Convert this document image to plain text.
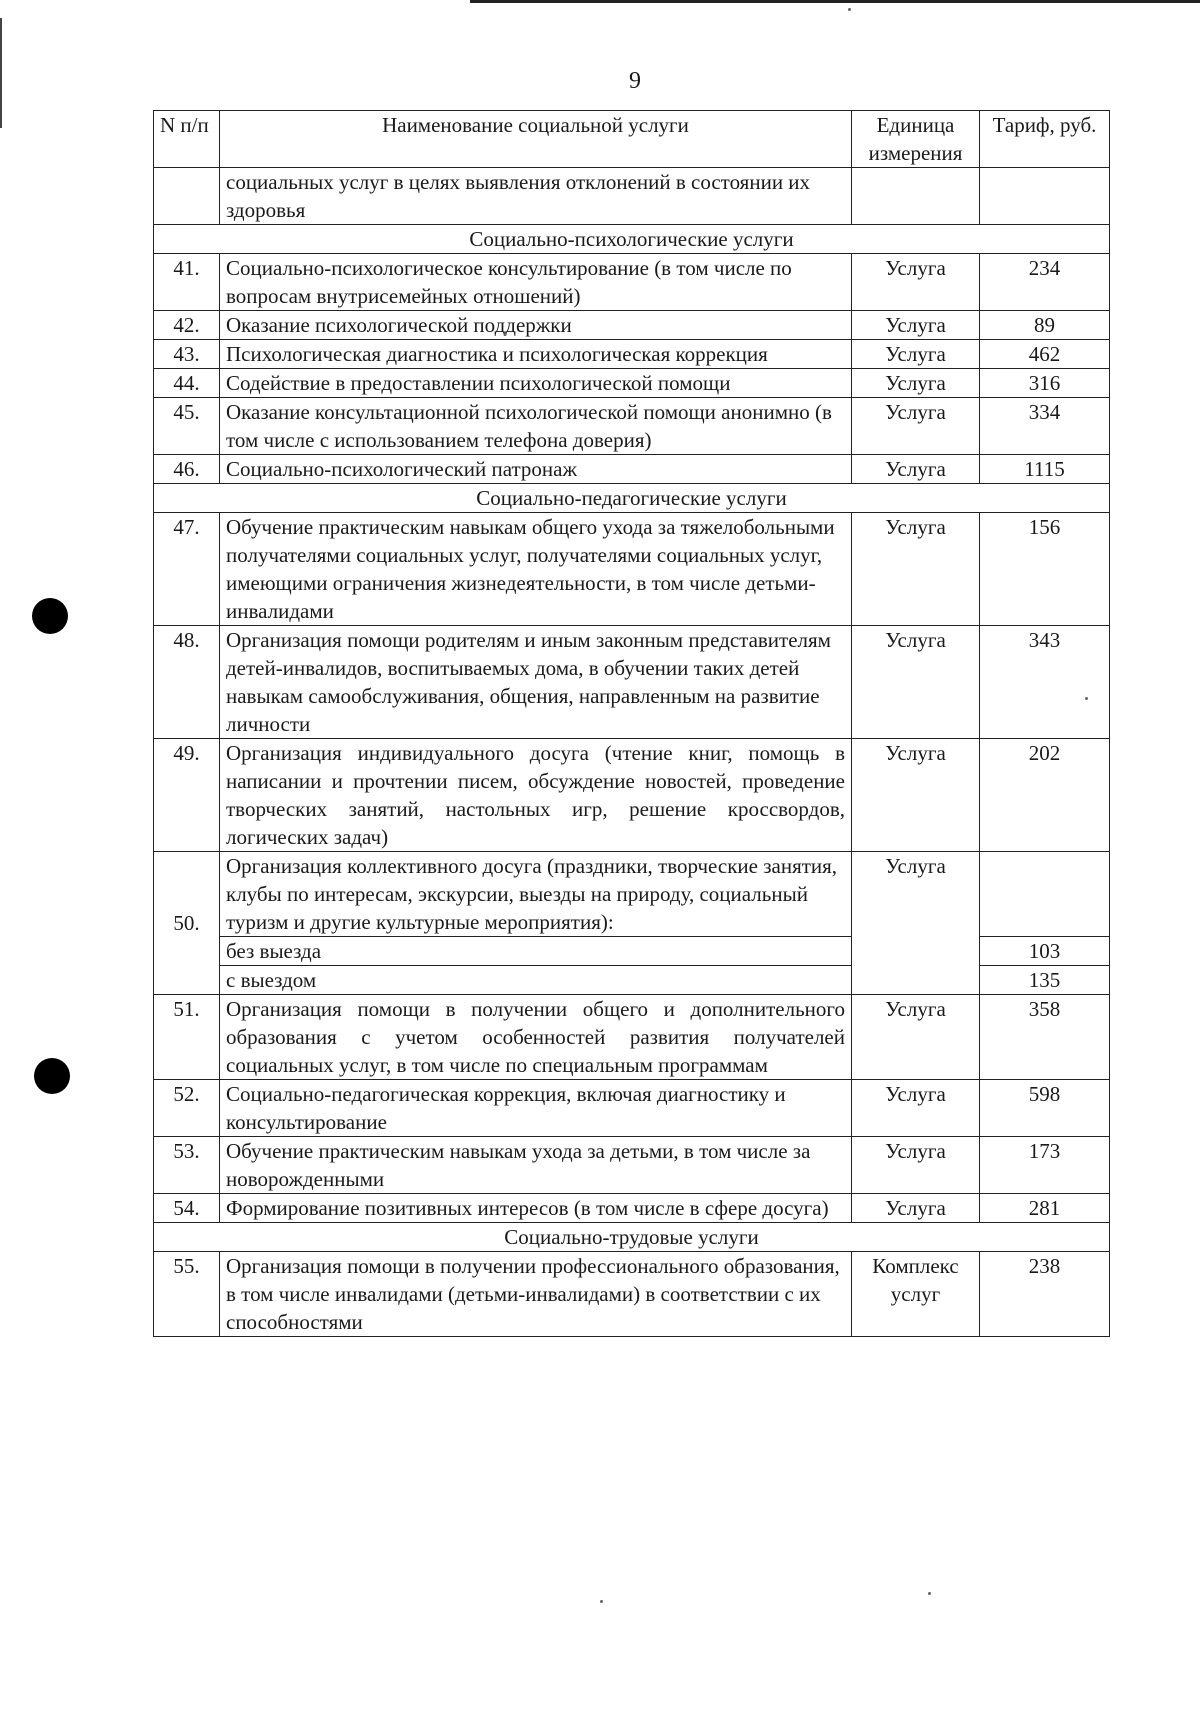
9
N п/п	Наименование социальной услуги	Единица измерения	Тариф, руб.
	социальных услуг в целях выявления отклонений в состоянии их здоровья		
Социально-психологические услуги			
41.	Социально-психологическое консультирование (в том числе по вопросам внутрисемейных отношений)	Услуга	234
42.	Оказание психологической поддержки	Услуга	89
43.	Психологическая диагностика и психологическая коррекция	Услуга	462
44.	Содействие в предоставлении психологической помощи	Услуга	316
45.	Оказание консультационной психологической помощи анонимно (в том числе с использованием телефона доверия)	Услуга	334
46.	Социально-психологический патронаж	Услуга	1115
Социально-педагогические услуги			
47.	Обучение практическим навыкам общего ухода за тяжелобольными получателями социальных услуг, получателями социальных услуг, имеющими ограничения жизнедеятельности, в том числе детьми-инвалидами	Услуга	156
48.	Организация помощи родителям и иным законным представителям детей-инвалидов, воспитываемых дома, в обучении таких детей навыкам самообслуживания, общения, направленным на развитие личности	Услуга	343
49.	Организация индивидуального досуга (чтение книг, помощь в написании и прочтении писем, обсуждение новостей, проведение творческих занятий, настольных игр, решение кроссвордов, логических задач)	Услуга	202
50.	Организация коллективного досуга (праздники, творческие занятия, клубы по интересам, экскурсии, выезды на природу, социальный туризм и другие культурные мероприятия):	Услуга	
	без выезда		103
	с выездом		135
51.	Организация помощи в получении общего и дополнительного образования с учетом особенностей развития получателей социальных услуг, в том числе по специальным программам	Услуга	358
52.	Социально-педагогическая коррекция, включая диагностику и консультирование	Услуга	598
53.	Обучение практическим навыкам ухода за детьми, в том числе за новорожденными	Услуга	173
54.	Формирование позитивных интересов (в том числе в сфере досуга)	Услуга	281
Социально-трудовые услуги			
55.	Организация помощи в получении профессионального образования, в том числе инвалидами (детьми-инвалидами) в соответствии с их способностями	Комплекс услуг	238
